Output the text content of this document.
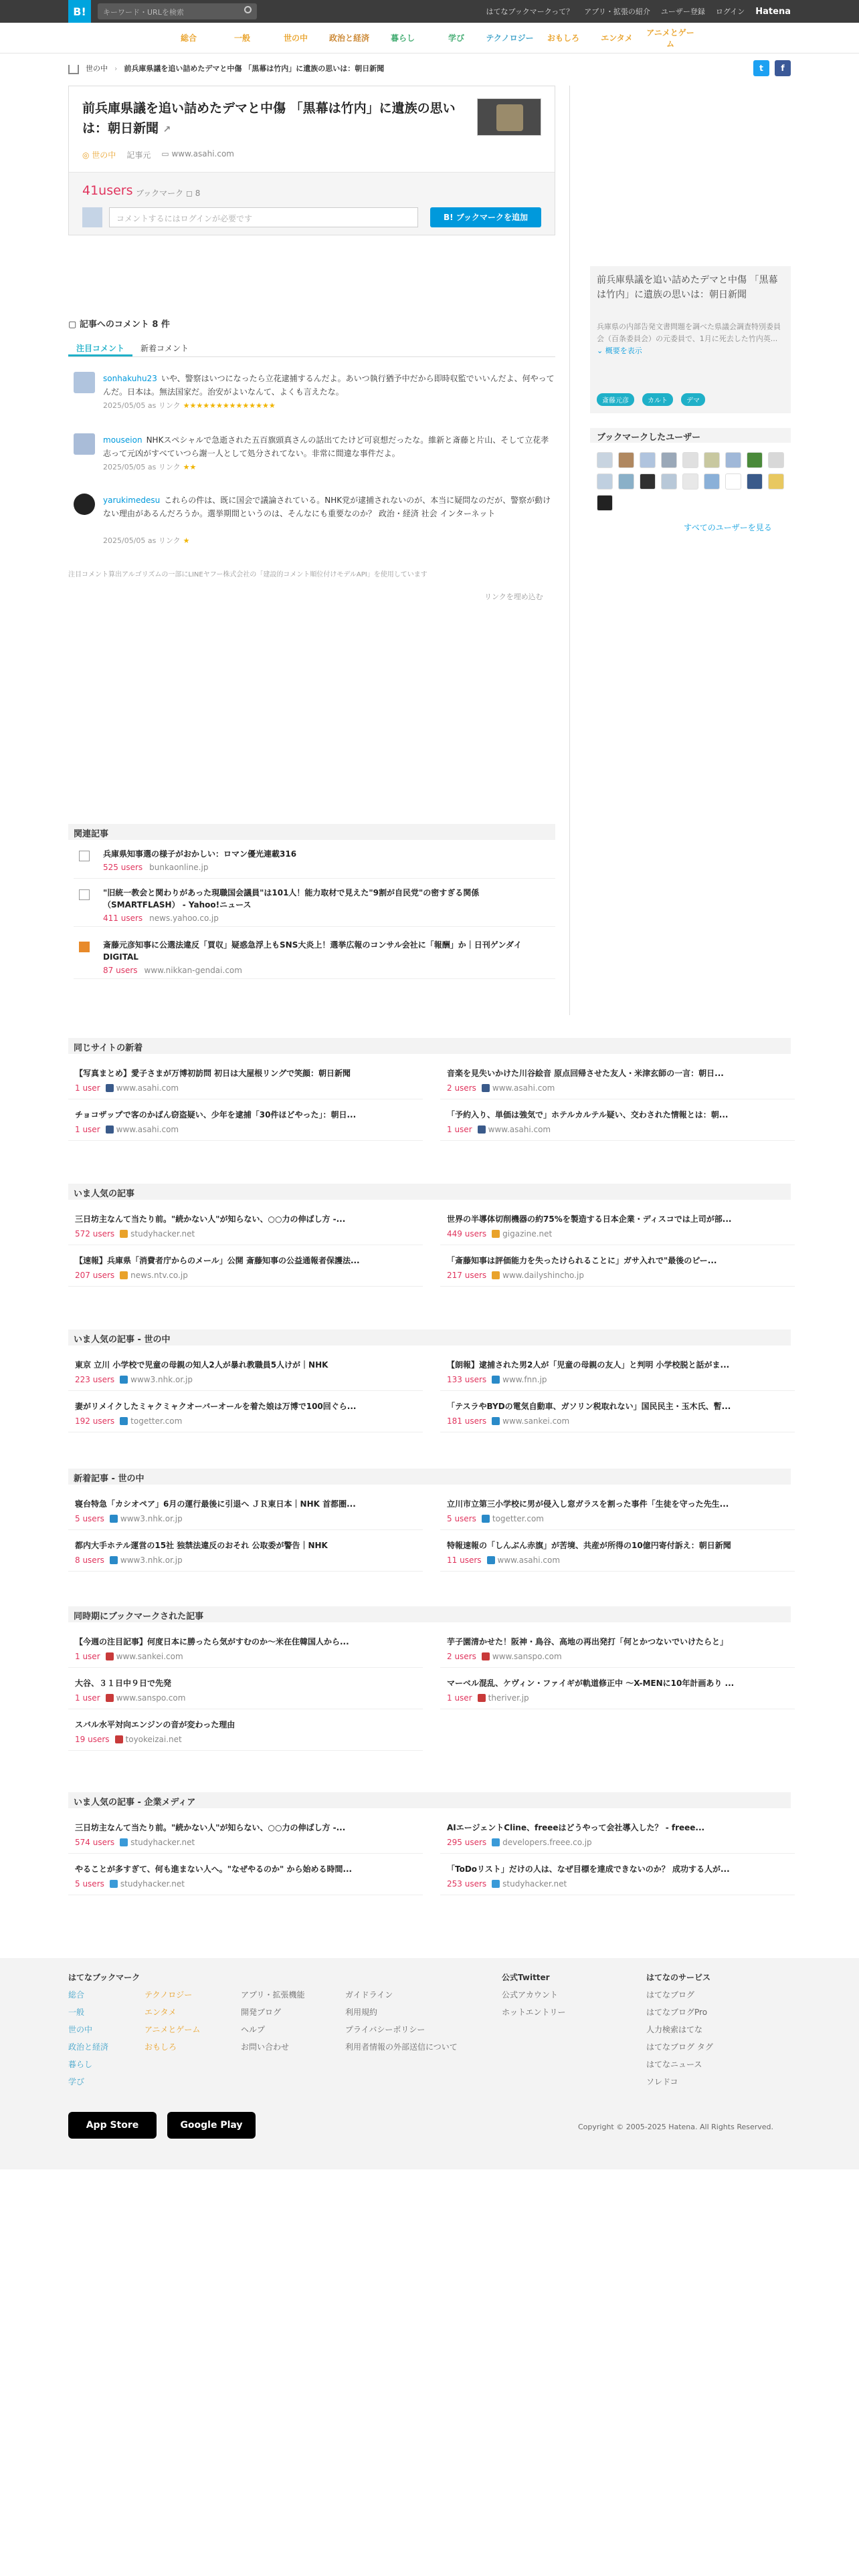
B!	キーワード・URLを検索	はてなブックマークって？ アプリ・拡張の紹介 ユーザー登録 ログイン Hatena
総合	一般	世の中	政治と経済	暮らし	学び	テクノロジー	おもしろ	エンタメ
アニメとゲーム
世の中 › 前兵庫県議を追い詰めたデマと中傷 「黒幕は竹内」に遺族の思いは：朝日新聞	t	f
前兵庫県議を追い詰めたデマと中傷 「黒幕は竹内」に遺族の思いは：朝日新聞 ↗
◎ 世の中 記事元 ▭ www.asahi.com
41users ブックマーク ◻ 8
コメントするにはログインが必要です	B! ブックマークを追加
前兵庫県議を追い詰めたデマと中傷 「黒幕は竹内」に遺族の思いは：朝日新聞
兵庫県の内部告発文書問題を調べた県議会調査特別委員会（百条委員会）の元委員で、1月に死去した竹内英... ⌄ 概要を表示
斎藤元彦	カルト	デマ
ブックマークしたユーザー
すべてのユーザーを見る
▢ 記事へのコメント 8 件
注目コメント	新着コメント
sonhakuhu23 いや、警察はいつになったら立花逮捕するんだよ。あいつ執行猶予中だから即時収監でいいんだよ、何やってんだ。日本は。無法国家だ。治安がよいなんて、よくも言えたな。
2025/05/05 as リンク ★★★★★★★★★★★★★★
mouseion NHKスペシャルで急逝された五百旗頭真さんの話出てたけど可哀想だったな。維新と斎藤と片山、そして立花孝志って元凶がすべていつら謝一人として処分されてない。非常に間違な事件だよ。
2025/05/05 as リンク ★★
yarukimedesu これらの件は、既に国会で議論されている。NHK党が逮捕されないのが、本当に疑問なのだが、警察が動けない理由があるんだろうか。選挙期間というのは、そんなにも重要なのか？ 政治・経済 社会 インターネット
2025/05/05 as リンク ★
注目コメント算出アルゴリズムの一部にLINEヤフー株式会社の「建設的コメント順位付けモデルAPI」を使用しています
リンクを埋め込む
関連記事
兵庫県知事選の様子がおかしい：ロマン優光連載316
525 users bunkaonline.jp
"旧統一教会と関わりがあった現職国会議員"は101人！能力取材で見えた"9割が自民党"の密すぎる関係（SMARTFLASH） - Yahoo!ニュース
411 users news.yahoo.co.jp
斎藤元彦知事に公選法違反「買収」疑惑急浮上もSNS大炎上！選挙広報のコンサル会社に「報酬」か｜日刊ゲンダイDIGITAL
87 users www.nikkan-gendai.com
同じサイトの新着
【写真まとめ】愛子さまが万博初訪問 初日は大屋根リングで笑顔：朝日新聞
1 user www.asahi.com
音楽を見失いかけた川谷絵音 原点回帰させた友人・米津玄師の一言：朝日...
2 users www.asahi.com
チョコザップで客のかばん窃盗疑い、少年を逮捕「30件ほどやった」：朝日...
1 user www.asahi.com
「予約入り、単価は強気で」ホテルカルテル疑い、交わされた情報とは：朝...
1 user www.asahi.com
いま人気の記事
三日坊主なんて当たり前。"続かない人"が知らない、○○力の伸ばし方 -...
572 users studyhacker.net
世界の半導体切削機器の約75%を製造する日本企業・ディスコでは上司が部...
449 users gigazine.net
【速報】兵庫県「消費者庁からのメール」公開 斎藤知事の公益通報者保護法...
207 users news.ntv.co.jp
「斎藤知事は評価能力を失ったけられることに」ガサ入れで"最後のピー...
217 users www.dailyshincho.jp
いま人気の記事 - 世の中
東京 立川 小学校で児童の母親の知人2人が暴れ教職員5人けが｜NHK
223 users www3.nhk.or.jp
【朗報】逮捕された男2人が「児童の母親の友人」と判明 小学校脱と話がま...
133 users www.fnn.jp
妻がリメイクしたミャクミャクオーバーオールを着た娘は万博で100回ぐら...
192 users togetter.com
「テスラやBYDの電気自動車、ガソリン税取れない」国民民主・玉木氏、暫...
181 users www.sankei.com
新着記事 - 世の中
寝台特急「カシオペア」6月の運行最後に引退へ ＪＲ東日本｜NHK 首都圏...
5 users www3.nhk.or.jp
立川市立第三小学校に男が侵入し窓ガラスを割った事件「生徒を守った先生...
5 users togetter.com
都内大手ホテル運営の15社 独禁法違反のおそれ 公取委が警告｜NHK
8 users www3.nhk.or.jp
特報速報の「しんぶん赤旗」が苦境、共産が所得の10億円寄付訴え：朝日新聞
11 users www.asahi.com
同時期にブックマークされた記事
【今週の注目記事】何度日本に勝ったら気がすむのか～米在住韓国人から...
1 user www.sankei.com
芋子園清かせた！阪神・鳥谷、高地の再出発打「何とかつないでいけたらと」
2 users www.sanspo.com
大谷、３１日中９日で先発
1 user www.sanspo.com
マーベル混乱、ケヴィン・ファイギが軌道修正中 ～X-MENに10年計画あり ...
1 user theriver.jp
スバル水平対向エンジンの音が変わった理由
19 users toyokeizai.net
いま人気の記事 - 企業メディア
三日坊主なんて当たり前。"続かない人"が知らない、○○力の伸ばし方 -...
574 users studyhacker.net
AIエージェントCline、freeeはどうやって会社導入した？ - freee...
295 users developers.freee.co.jp
やることが多すぎて、何も進まない人へ。"なぜやるのか" から始める時間...
5 users studyhacker.net
「ToDoリスト」だけの人は、なぜ目標を達成できないのか？ 成功する人が...
253 users studyhacker.net
はてなブックマーク
総合
一般
世の中
政治と経済
暮らし
学び
テクノロジー
エンタメ
アニメとゲーム
おもしろ
アプリ・拡張機能
開発ブログ
ヘルプ
お問い合わせ
ガイドライン
利用規約
プライバシーポリシー
利用者情報の外部送信について
公式Twitter
公式アカウント
ホットエントリー
はてなのサービス
はてなブログ
はてなブログPro
人力検索はてな
はてなブログ タグ
はてなニュース
ソレドコ
App Store	Google Play	Copyright © 2005-2025 Hatena. All Rights Reserved.
